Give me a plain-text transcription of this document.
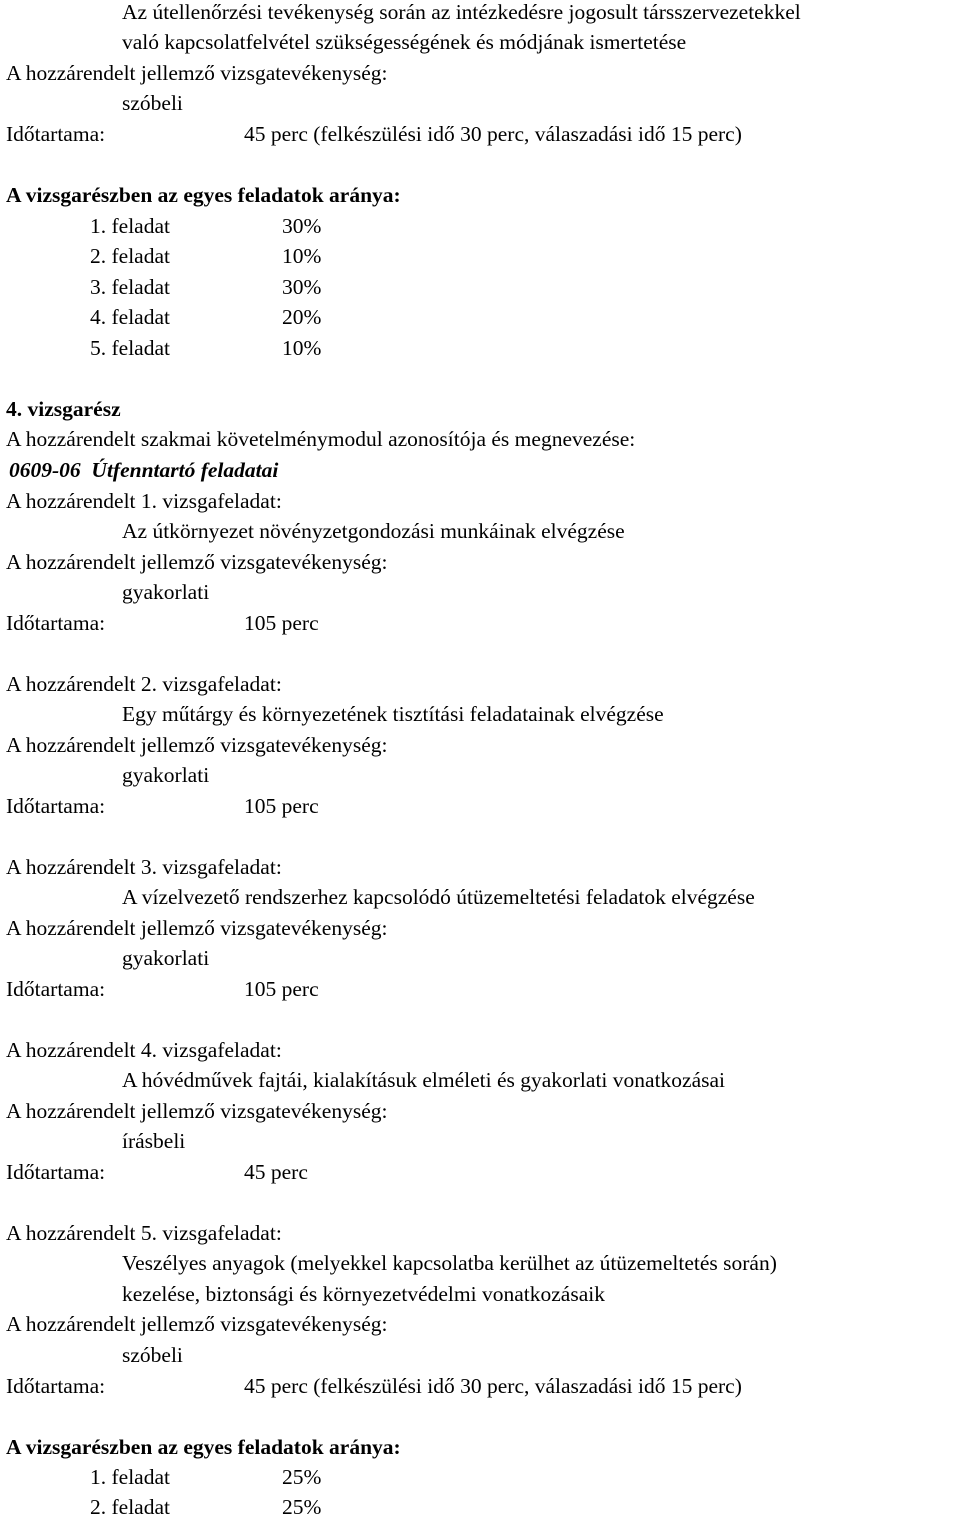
Az útellenőrzési tevékenység során az intézkedésre jogosult társszervezetekkel
való kapcsolatfelvétel szükségességének és módjának ismertetése
A hozzárendelt jellemző vizsgatevékenység:
szóbeli
Időtartama:	45 perc (felkészülési idő 30 perc, válaszadási idő 15 perc)
A vizsgarészben az egyes feladatok aránya:
1. feladat	30%
2. feladat	10%
3. feladat	30%
4. feladat	20%
5. feladat	10%
4. vizsgarész
A hozzárendelt szakmai követelménymodul azonosítója és megnevezése:
0609-06 Útfenntartó feladatai
A hozzárendelt 1. vizsgafeladat:
Az útkörnyezet növényzetgondozási munkáinak elvégzése
A hozzárendelt jellemző vizsgatevékenység:
gyakorlati
Időtartama:	105 perc
A hozzárendelt 2. vizsgafeladat:
Egy műtárgy és környezetének tisztítási feladatainak elvégzése
A hozzárendelt jellemző vizsgatevékenység:
gyakorlati
Időtartama:	105 perc
A hozzárendelt 3. vizsgafeladat:
A vízelvezető rendszerhez kapcsolódó útüzemeltetési feladatok elvégzése
A hozzárendelt jellemző vizsgatevékenység:
gyakorlati
Időtartama:	105 perc
A hozzárendelt 4. vizsgafeladat:
A hóvédművek fajtái, kialakításuk elméleti és gyakorlati vonatkozásai
A hozzárendelt jellemző vizsgatevékenység:
írásbeli
Időtartama:	45 perc
A hozzárendelt 5. vizsgafeladat:
Veszélyes anyagok (melyekkel kapcsolatba kerülhet az útüzemeltetés során)
kezelése, biztonsági és környezetvédelmi vonatkozásaik
A hozzárendelt jellemző vizsgatevékenység:
szóbeli
Időtartama:	45 perc (felkészülési idő 30 perc, válaszadási idő 15 perc)
A vizsgarészben az egyes feladatok aránya:
1. feladat	25%
2. feladat	25%
